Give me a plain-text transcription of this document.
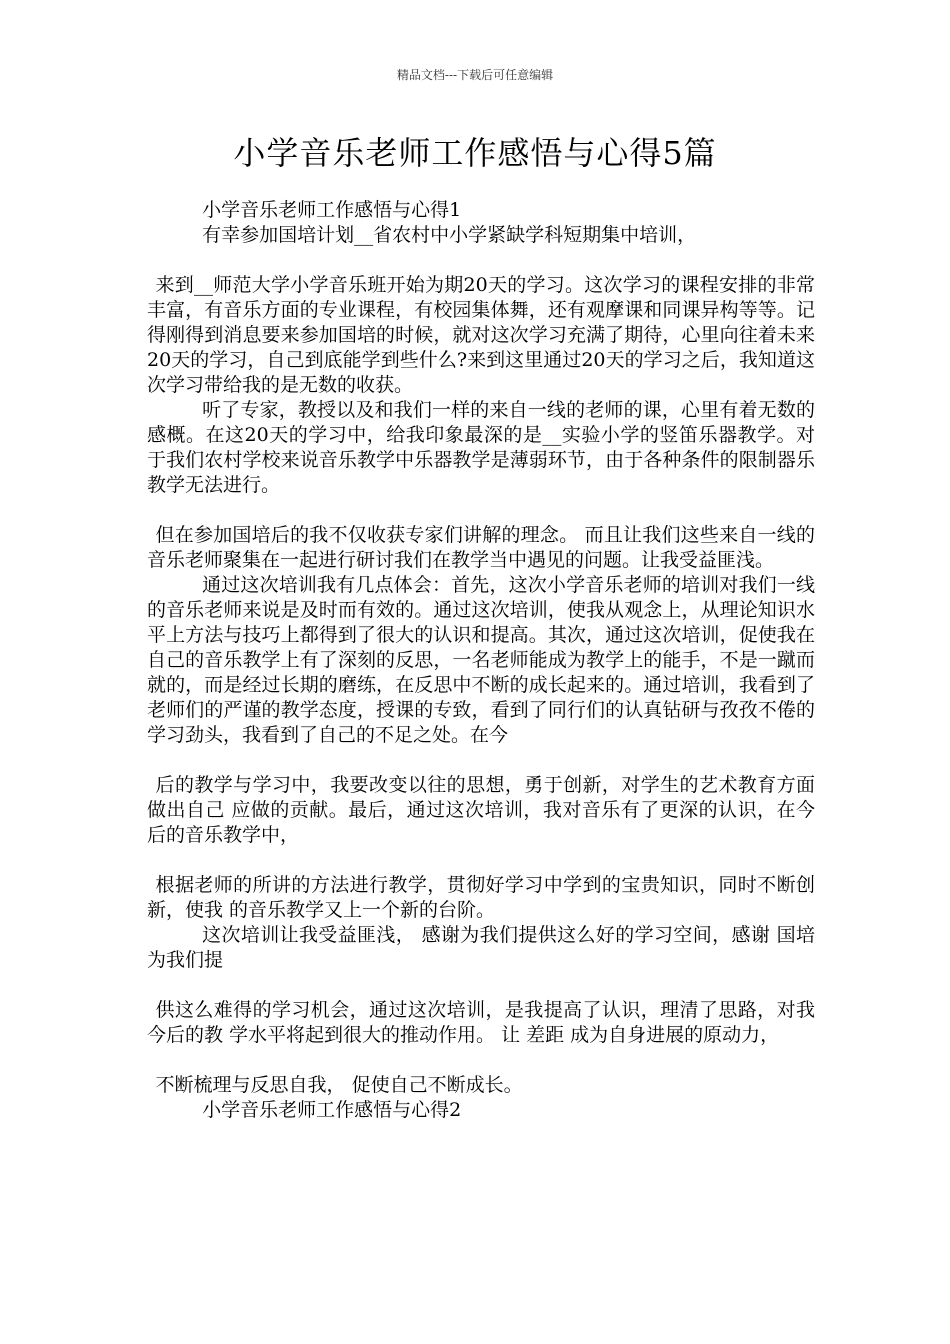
精品文档---下载后可任意编辑
小学音乐老师工作感悟与心得5篇

小学音乐老师工作感悟与心得1

有幸参加国培计划__省农村中小学紧缺学科短期集中培训，

来到__师范大学小学音乐班开始为期20天的学习。这次学习的课程安排的非常丰富，有音乐方面的专业课程，有校园集体舞，还有观摩课和同课异构等等。记得刚得到消息要来参加国培的时候，就对这次学习充满了期待，心里向往着未来20天的学习，自己到底能学到些什么?来到这里通过20天的学习之后，我知道这次学习带给我的是无数的收获。

听了专家，教授以及和我们一样的来自一线的老师的课，心里有着无数的感概。在这20天的学习中，给我印象最深的是__实验小学的竖笛乐器教学。对于我们农村学校来说音乐教学中乐器教学是薄弱环节，由于各种条件的限制器乐教学无法进行。

但在参加国培后的我不仅收获专家们讲解的理念。 而且让我们这些来自一线的音乐老师聚集在一起进行研讨我们在教学当中遇见的问题。让我受益匪浅。

通过这次培训我有几点体会：首先，这次小学音乐老师的培训对我们一线的音乐老师来说是及时而有效的。通过这次培训，使我从观念上，从理论知识水平上方法与技巧上都得到了很大的认识和提高。其次，通过这次培训，促使我在自己的音乐教学上有了深刻的反思，一名老师能成为教学上的能手，不是一蹴而就的，而是经过长期的磨练，在反思中不断的成长起来的。通过培训，我看到了老师们的严谨的教学态度，授课的专致，看到了同行们的认真钻研与孜孜不倦的学习劲头，我看到了自己的不足之处。在今

后的教学与学习中，我要改变以往的思想，勇于创新，对学生的艺术教育方面做出自己 应做的贡献。最后，通过这次培训，我对音乐有了更深的认识，在今后的音乐教学中，

根据老师的所讲的方法进行教学，贯彻好学习中学到的宝贵知识，同时不断创新，使我 的音乐教学又上一个新的台阶。

这次培训让我受益匪浅， 感谢为我们提供这么好的学习空间，感谢 国培 为我们提

供这么难得的学习机会，通过这次培训，是我提高了认识，理清了思路，对我今后的教 学水平将起到很大的推动作用。 让 差距 成为自身进展的原动力，

不断梳理与反思自我， 促使自己不断成长。

小学音乐老师工作感悟与心得2
